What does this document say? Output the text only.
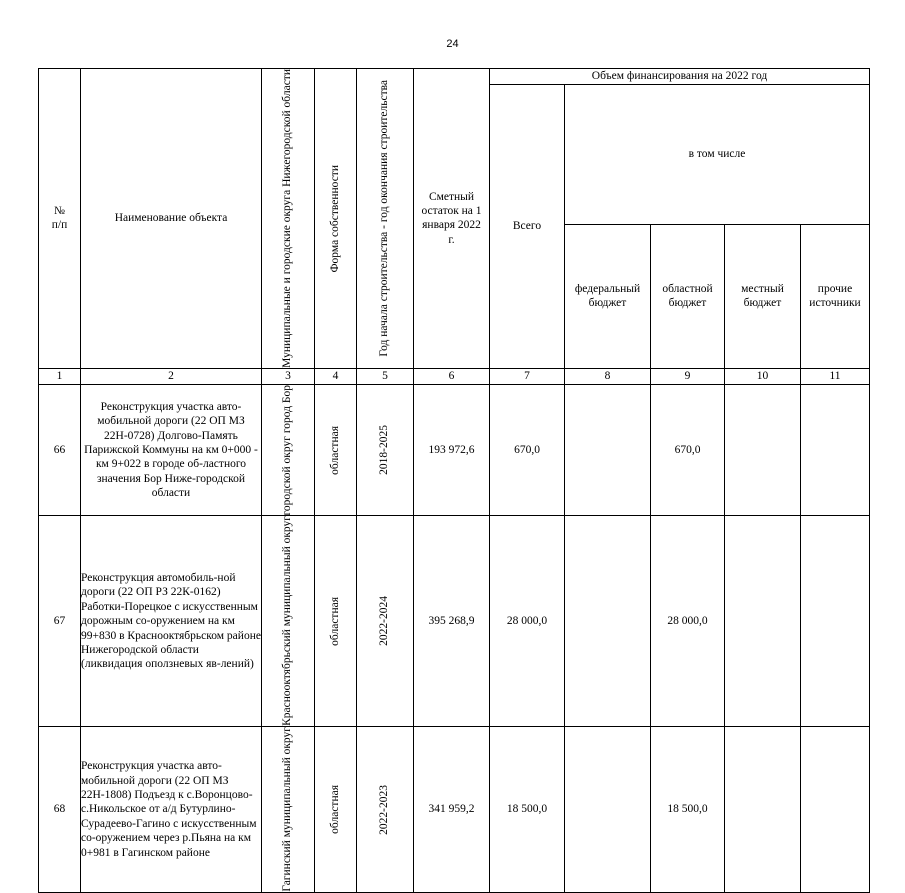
24
№
п/п	Наименование объекта	Муниципальные и городские округа Нижегородской области	Форма собственности	Год начала строительства - год окончания строительства	Сметный остаток на 1 января 2022 г.	Объем финансирования на 2022 год				
						Всего	в том числе			

							федеральный бюджет	областной бюджет	местный бюджет	прочие источники

1	2	3	4	5	6	7	8	9	10	11
66	Реконструкция участка авто-мобильной дороги (22 ОП МЗ 22Н-0728) Долгово-Память Парижской Коммуны на км 0+000 - км 9+022 в городе об-ластного значения Бор Ниже-городской области	городской округ город Бор	областная	2018-2025	193 972,6	670,0		670,0		
67	Реконструкция автомобиль-ной дороги (22 ОП РЗ 22К-0162) Работки-Порецкое с искусственным дорожным со-оружением на км 99+830 в Краснооктябрьском районе Нижегородской области (ликвидация оползневых яв-лений)	Краснооктябрьский муниципальный округ	областная	2022-2024	395 268,9	28 000,0		28 000,0		
68	Реконструкция участка авто-мобильной дороги (22 ОП МЗ 22Н-1808) Подъезд к с.Воронцово-с.Никольское от а/д Бутурлино-Сурадеево-Гагино с искусственным со-оружением через р.Пьяна на км 0+981 в Гагинском районе	Гагинский муниципальный округ	областная	2022-2023	341 959,2	18 500,0		18 500,0		
